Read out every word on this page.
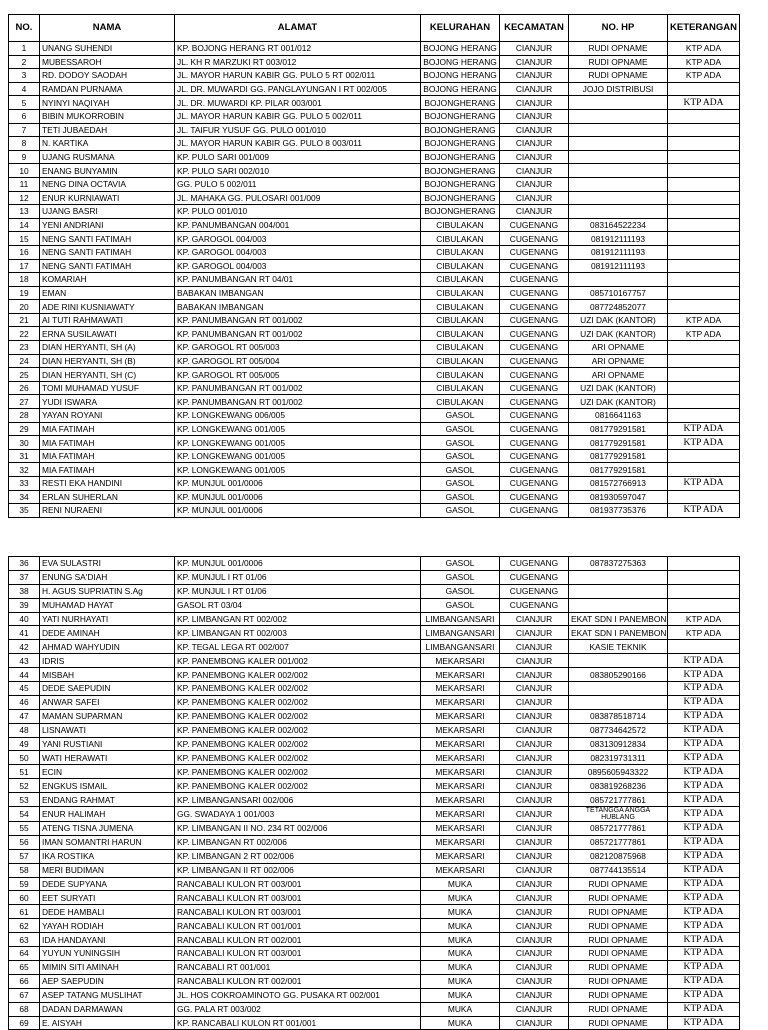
NO.	NAMA	ALAMAT	KELURAHAN	KECAMATAN	NO. HP	KETERANGAN
1	UNANG SUHENDI	KP. BOJONG HERANG RT 001/012	BOJONG HERANG	CIANJUR	RUDI OPNAME	KTP ADA
2	MUBESSAROH	JL. KH R MARZUKI RT 003/012	BOJONG HERANG	CIANJUR	RUDI OPNAME	KTP ADA
3	RD. DODOY SAODAH	JL. MAYOR HARUN KABIR GG. PULO 5 RT 002/011	BOJONG HERANG	CIANJUR	RUDI OPNAME	KTP ADA
4	RAMDAN PURNAMA	JL. DR. MUWARDI GG. PANGLAYUNGAN I RT 002/005	BOJONG HERANG	CIANJUR	JOJO DISTRIBUSI	
5	NYINYI NAQIYAH	JL. DR. MUWARDI KP. PILAR 003/001	BOJONGHERANG	CIANJUR		KTP ADA
6	BIBIN MUKORROBIN	JL. MAYOR HARUN KABIR GG. PULO 5 002/011	BOJONGHERANG	CIANJUR		
7	TETI JUBAEDAH	JL. TAIFUR YUSUF GG. PULO 001/010	BOJONGHERANG	CIANJUR		
8	N. KARTIKA	JL. MAYOR HARUN KABIR GG. PULO 8 003/011	BOJONGHERANG	CIANJUR		
9	UJANG RUSMANA	KP. PULO SARI 001/009	BOJONGHERANG	CIANJUR		
10	ENANG BUNYAMIN	KP. PULO SARI 002/010	BOJONGHERANG	CIANJUR		
11	NENG DINA OCTAVIA	GG. PULO 5 002/011	BOJONGHERANG	CIANJUR		
12	ENUR KURNIAWATI	JL. MAHAKA GG. PULOSARI 001/009	BOJONGHERANG	CIANJUR		
13	UJANG BASRI	KP. PULO 001/010	BOJONGHERANG	CIANJUR		
14	YENI ANDRIANI	KP. PANUMBANGAN 004/001	CIBULAKAN	CUGENANG	083164522234	
15	NENG SANTI FATIMAH	KP. GAROGOL 004/003	CIBULAKAN	CUGENANG	081912111193	
16	NENG SANTI FATIMAH	KP. GAROGOL 004/003	CIBULAKAN	CUGENANG	081912111193	
17	NENG SANTI FATIMAH	KP. GAROGOL 004/003	CIBULAKAN	CUGENANG	081912111193	
18	KOMARIAH	KP. PANUMBANGAN RT 04/01	CIBULAKAN	CUGENANG		
19	EMAN	BABAKAN IMBANGAN	CIBULAKAN	CUGENANG	085710167757	
20	ADE RINI KUSNIAWATY	BABAKAN IMBANGAN	CIBULAKAN	CUGENANG	087724852077	
21	AI TUTI RAHMAWATI	KP. PANUMBANGAN RT 001/002	CIBULAKAN	CUGENANG	UZI DAK (KANTOR)	KTP ADA
22	ERNA SUSILAWATI	KP. PANUMBANGAN RT 001/002	CIBULAKAN	CUGENANG	UZI DAK (KANTOR)	KTP ADA
23	DIAN HERYANTI, SH (A)	KP. GAROGOL RT 005/003	CIBULAKAN	CUGENANG	ARI OPNAME	
24	DIAN HERYANTI, SH (B)	KP. GAROGOL RT 005/004	CIBULAKAN	CUGENANG	ARI OPNAME	
25	DIAN HERYANTI, SH (C)	KP. GAROGOL RT 005/005	CIBULAKAN	CUGENANG	ARI OPNAME	
26	TOMI MUHAMAD YUSUF	KP. PANUMBANGAN RT 001/002	CIBULAKAN	CUGENANG	UZI DAK (KANTOR)	
27	YUDI ISWARA	KP. PANUMBANGAN RT 001/002	CIBULAKAN	CUGENANG	UZI DAK (KANTOR)	
28	YAYAN ROYANI	KP. LONGKEWANG 006/005	GASOL	CUGENANG	0816641163	
29	MIA FATIMAH	KP. LONGKEWANG 001/005	GASOL	CUGENANG	081779291581	KTP ADA
30	MIA FATIMAH	KP. LONGKEWANG 001/005	GASOL	CUGENANG	081779291581	KTP ADA
31	MIA FATIMAH	KP. LONGKEWANG 001/005	GASOL	CUGENANG	081779291581	
32	MIA FATIMAH	KP. LONGKEWANG 001/005	GASOL	CUGENANG	081779291581	
33	RESTI EKA HANDINI	KP. MUNJUL 001/0006	GASOL	CUGENANG	081572766913	KTP ADA
34	ERLAN SUHERLAN	KP. MUNJUL 001/0006	GASOL	CUGENANG	081930597047	
35	RENI NURAENI	KP. MUNJUL 001/0006	GASOL	CUGENANG	081937735376	KTP ADA
36	EVA SULASTRI	KP. MUNJUL 001/0006	GASOL	CUGENANG	087837275363	
37	ENUNG SA'DIAH	KP. MUNJUL I RT 01/06	GASOL	CUGENANG		
38	H. AGUS SUPRIATIN S.Ag	KP. MUNJUL I RT 01/06	GASOL	CUGENANG		
39	MUHAMAD HAYAT	GASOL RT 03/04	GASOL	CUGENANG		
40	YATI NURHAYATI	KP. LIMBANGAN RT 002/002	LIMBANGANSARI	CIANJUR	EKAT SDN I PANEMBON	KTP ADA
41	DEDE AMINAH	KP. LIMBANGAN RT 002/003	LIMBANGANSARI	CIANJUR	EKAT SDN I PANEMBON	KTP ADA
42	AHMAD WAHYUDIN	KP. TEGAL LEGA RT 002/007	LIMBANGANSARI	CIANJUR	KASIE TEKNIK	
43	IDRIS	KP. PANEMBONG KALER 001/002	MEKARSARI	CIANJUR		KTP ADA
44	MISBAH	KP. PANEMBONG KALER 002/002	MEKARSARI	CIANJUR	083805290166	KTP ADA
45	DEDE SAEPUDIN	KP. PANEMBONG KALER 002/002	MEKARSARI	CIANJUR		KTP ADA
46	ANWAR SAFEI	KP. PANEMBONG KALER 002/002	MEKARSARI	CIANJUR		KTP ADA
47	MAMAN SUPARMAN	KP. PANEMBONG KALER 002/002	MEKARSARI	CIANJUR	083878518714	KTP ADA
48	LISNAWATI	KP. PANEMBONG KALER 002/002	MEKARSARI	CIANJUR	087734642572	KTP ADA
49	YANI RUSTIANI	KP. PANEMBONG KALER 002/002	MEKARSARI	CIANJUR	083130912834	KTP ADA
50	WATI HERAWATI	KP. PANEMBONG KALER 002/002	MEKARSARI	CIANJUR	082319731311	KTP ADA
51	ECIN	KP. PANEMBONG KALER 002/002	MEKARSARI	CIANJUR	0895605943322	KTP ADA
52	ENGKUS ISMAIL	KP. PANEMBONG KALER 002/002	MEKARSARI	CIANJUR	083819268236	KTP ADA
53	ENDANG RAHMAT	KP. LIMBANGANSARI 002/006	MEKARSARI	CIANJUR	085721777861	KTP ADA
54	ENUR HALIMAH	GG. SWADAYA 1 001/003	MEKARSARI	CIANJUR	TETANGGA ANGGA HUBLANG	KTP ADA
55	ATENG TISNA JUMENA	KP. LIMBANGAN II NO. 234 RT 002/006	MEKARSARI	CIANJUR	085721777861	KTP ADA
56	IMAN SOMANTRI HARUN	KP. LIMBANGAN RT 002/006	MEKARSARI	CIANJUR	085721777861	KTP ADA
57	IKA ROSTIKA	KP. LIMBANGAN 2 RT 002/006	MEKARSARI	CIANJUR	082120875968	KTP ADA
58	MERI BUDIMAN	KP. LIMBANGAN II RT 002/006	MEKARSARI	CIANJUR	087744135514	KTP ADA
59	DEDE SUPYANA	RANCABALI KULON RT 003/001	MUKA	CIANJUR	RUDI OPNAME	KTP ADA
60	EET SURYATI	RANCABALI KULON RT 003/001	MUKA	CIANJUR	RUDI OPNAME	KTP ADA
61	DEDE HAMBALI	RANCABALI KULON RT 003/001	MUKA	CIANJUR	RUDI OPNAME	KTP ADA
62	YAYAH RODIAH	RANCABALI KULON RT 001/001	MUKA	CIANJUR	RUDI OPNAME	KTP ADA
63	IDA HANDAYANI	RANCABALI KULON RT 002/001	MUKA	CIANJUR	RUDI OPNAME	KTP ADA
64	YUYUN YUNINGSIH	RANCABALI KULON RT 003/001	MUKA	CIANJUR	RUDI OPNAME	KTP ADA
65	MIMIN SITI AMINAH	RANCABALI RT 001/001	MUKA	CIANJUR	RUDI OPNAME	KTP ADA
66	AEP SAEPUDIN	RANCABALI KULON RT 002/001	MUKA	CIANJUR	RUDI OPNAME	KTP ADA
67	ASEP TATANG MUSLIHAT	JL. HOS COKROAMINOTO GG. PUSAKA RT 002/001	MUKA	CIANJUR	RUDI OPNAME	KTP ADA
68	DADAN DARMAWAN	GG. PALA RT 003/002	MUKA	CIANJUR	RUDI OPNAME	KTP ADA
69	E. AISYAH	KP. RANCABALI KULON RT 001/001	MUKA	CIANJUR	RUDI OPNAME	KTP ADA
